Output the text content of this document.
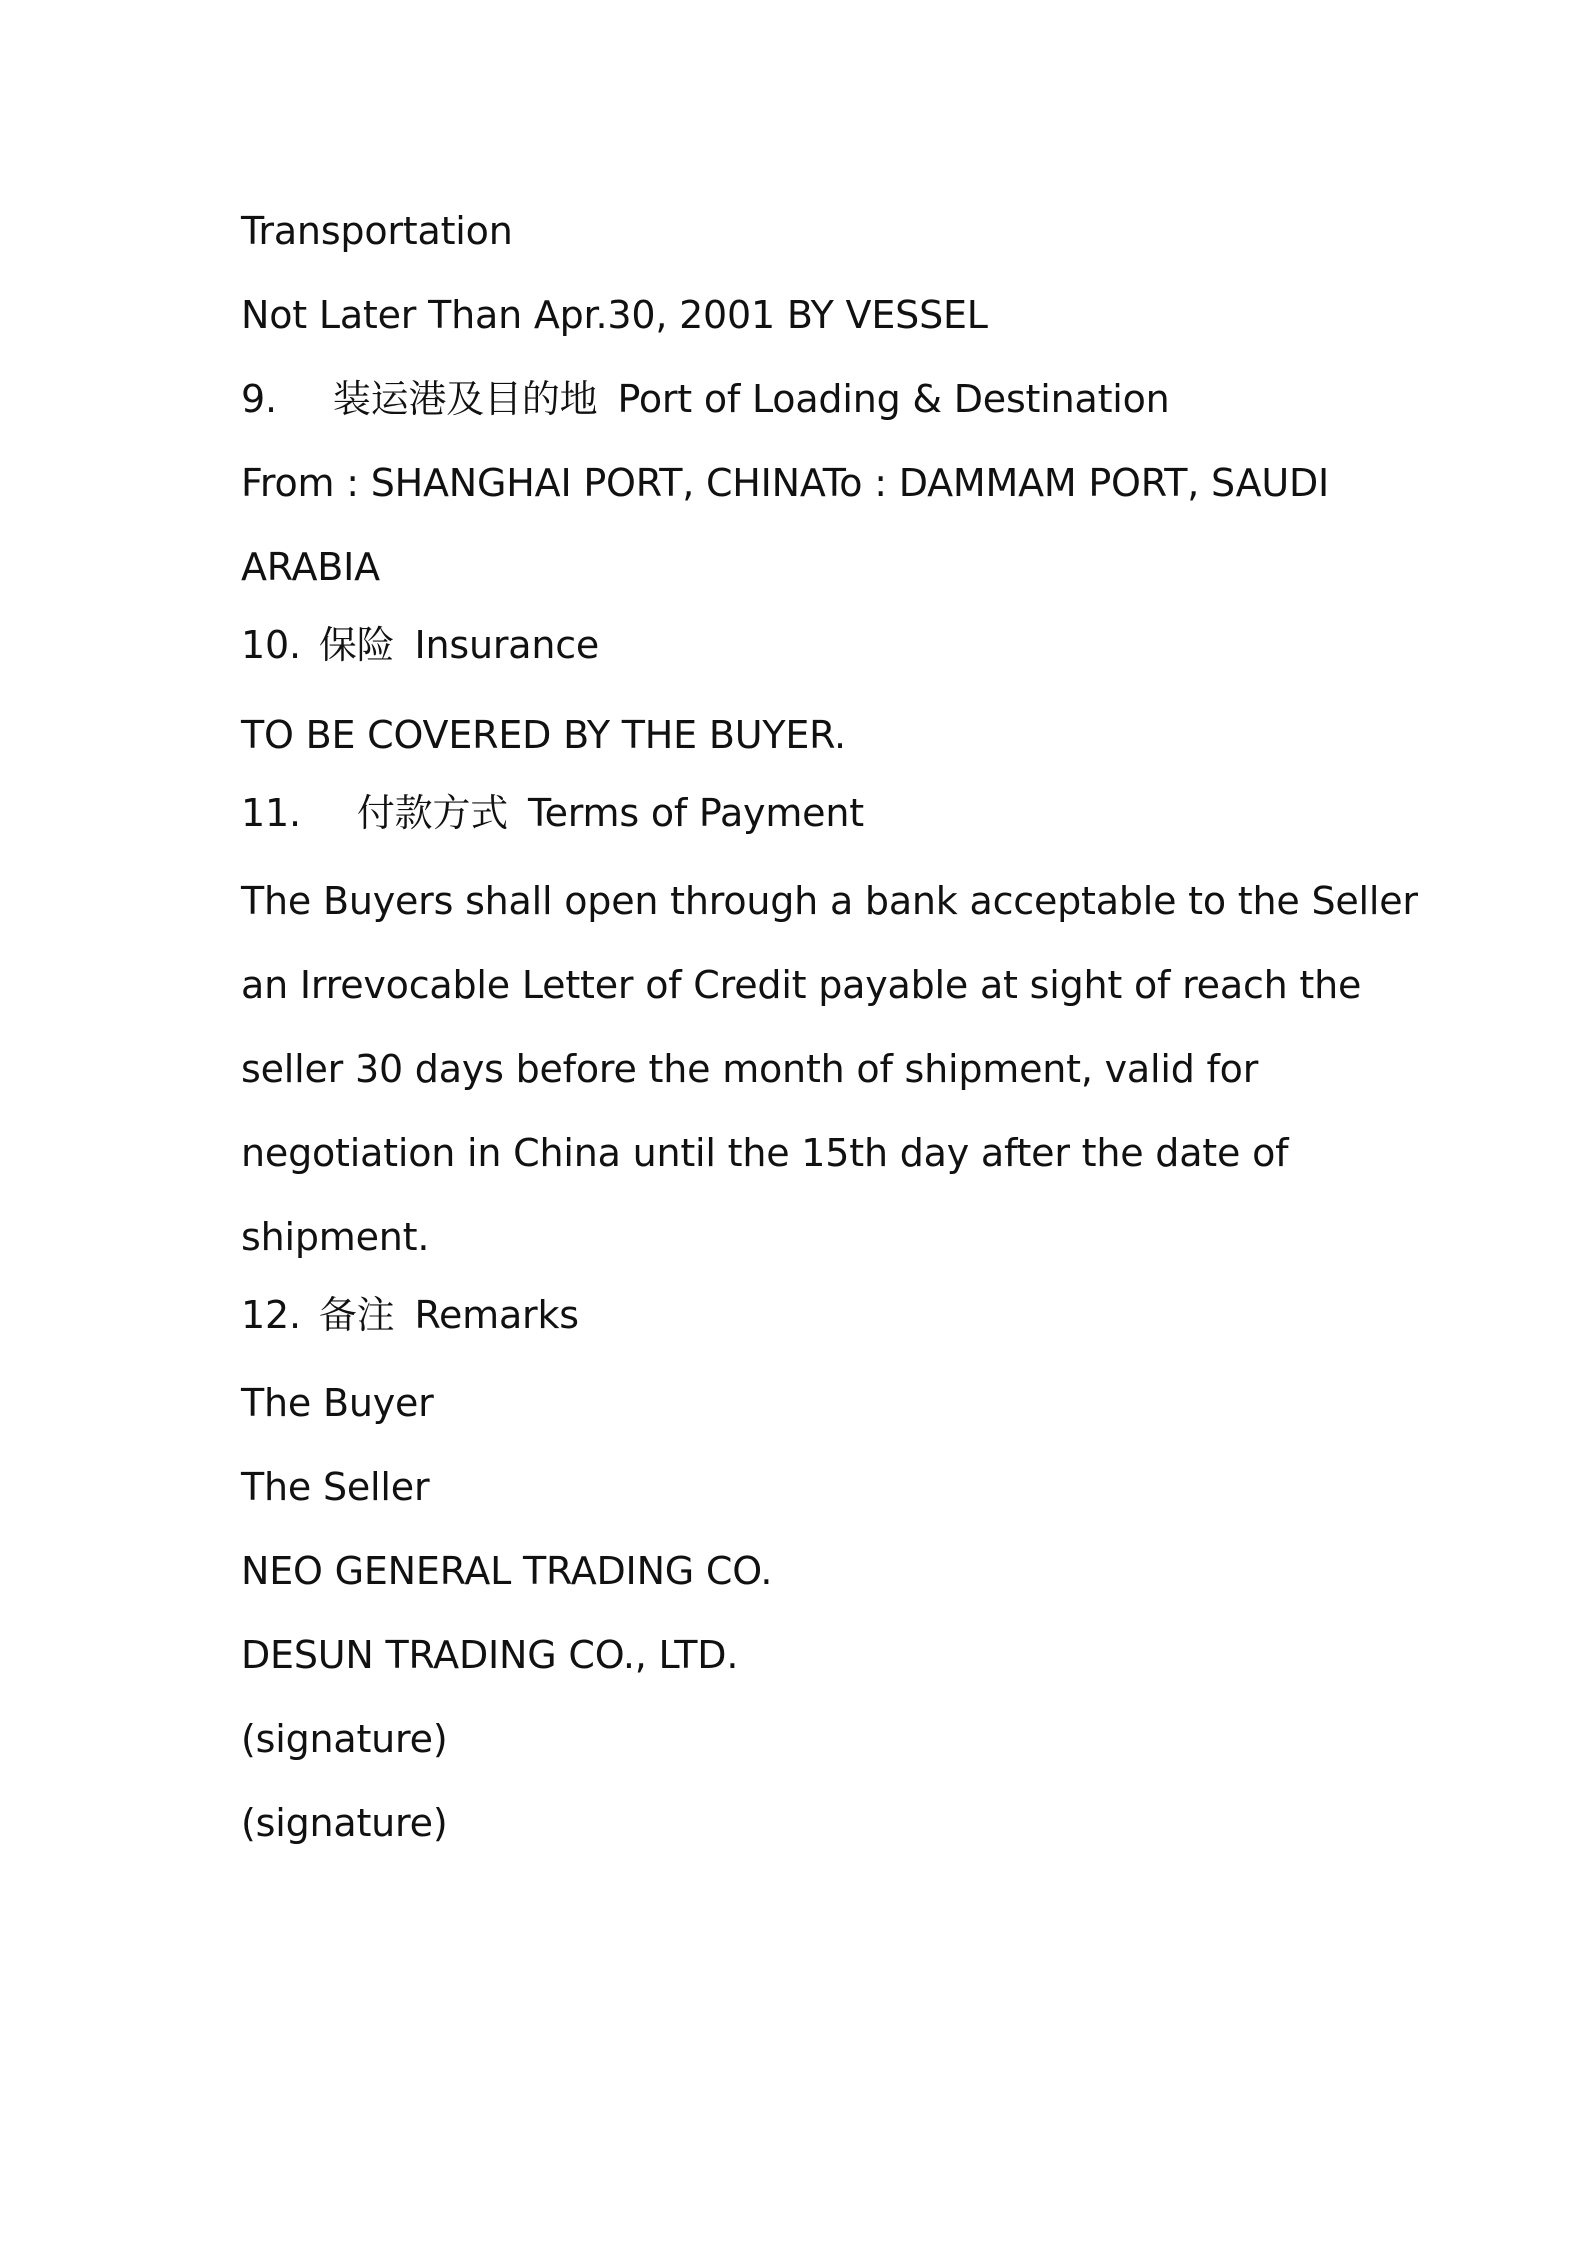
Transportation
Not Later Than Apr.30, 2001 BY VESSEL
9. 装运港及目的地 Port of Loading & Destination
From : SHANGHAI PORT, CHINATo : DAMMAM PORT, SAUDI
ARABIA
10. 保险 Insurance
TO BE COVERED BY THE BUYER.
11. 付款方式 Terms of Payment
The Buyers shall open through a bank acceptable to the Seller
an Irrevocable Letter of Credit payable at sight of reach the
seller 30 days before the month of shipment, valid for
negotiation in China until the 15th day after the date of
shipment.
12. 备注 Remarks
The Buyer
The Seller
NEO GENERAL TRADING CO.
DESUN TRADING CO., LTD.
(signature)
(signature)
